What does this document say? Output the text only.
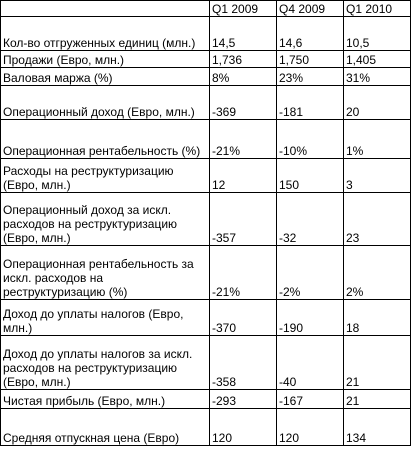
	Q1 2009	Q4 2009	Q1 2010
Кол-во отгруженных единиц (млн.)	14,5	14,6	10,5
Продажи (Евро, млн.)	1,736	1,750	1,405
Валовая маржа (%)	8%	23%	31%
Операционный доход (Евро, млн.)	-369	-181	20
Операционная рентабельность (%)	-21%	-10%	1%
Расходы на реструктуризацию (Евро, млн.)	12	150	3
Операционный доход за искл. расходов на реструктуризацию (Евро, млн.)	-357	-32	23
Операционная рентабельность за искл. расходов на реструктуризацию (%)	-21%	-2%	2%
Доход до уплаты налогов (Евро, млн.)	-370	-190	18
Доход до уплаты налогов за искл. расходов на реструктуризацию (Евро, млн.)	-358	-40	21
Чистая прибыль (Евро, млн.)	-293	-167	21
Средняя отпускная цена (Евро)	120	120	134
